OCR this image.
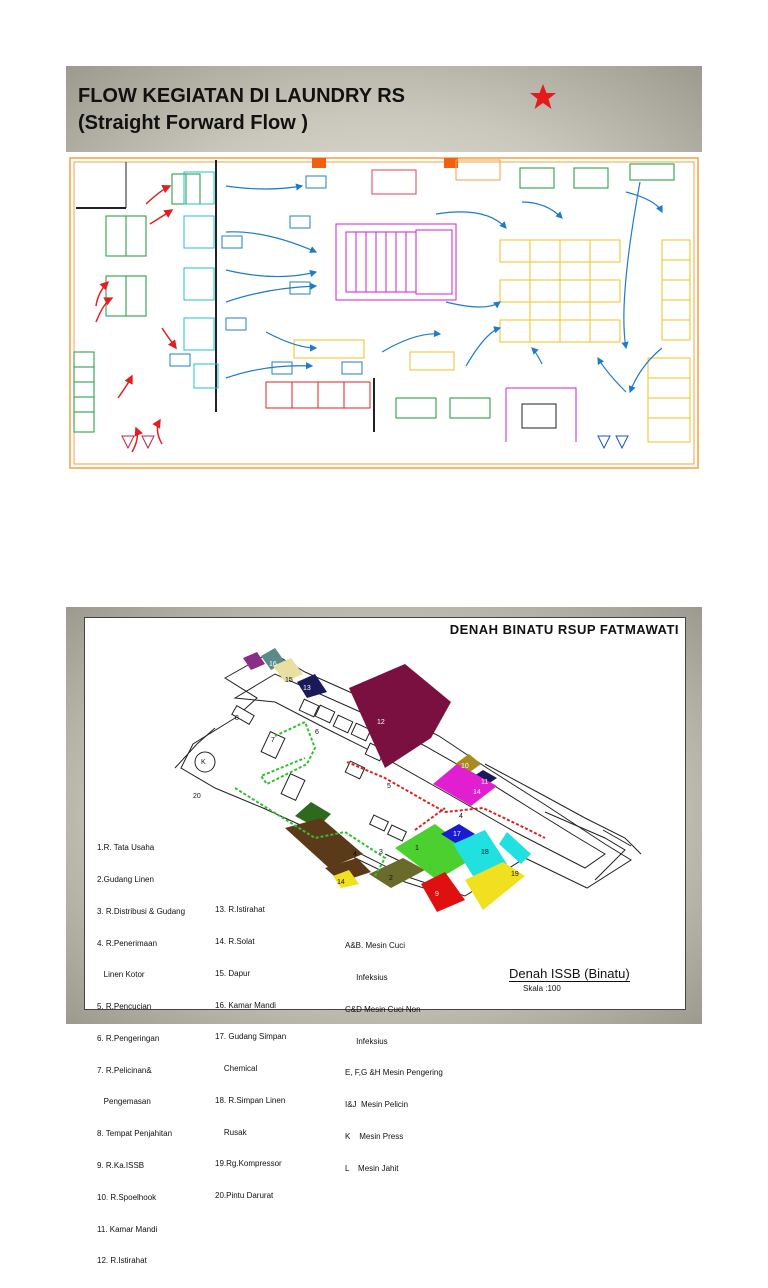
FLOW KEGIATAN DI LAUNDRY RS
(Straight Forward Flow )
DENAH BINATU RSUP FATMAWATI
16
15
13
12
10
11
14
8
7
6
5
17
18
4
1
3
9
4
2
9
19
14
20
K

1.R. Tata Usaha

2.Gudang Linen

3. R.Distribusi & Gudang

4. R.Penerimaan

Linen Kotor

5. R.Pencucian

6. R.Pengeringan

7. R.Pelicinan&

Pengemasan

8. Tempat Penjahitan

9. R.Ka.ISSB

10. R.Spoelhook

11. Kamar Mandi

12. R.Istirahat

13. R.Istirahat

14. R.Solat

15. Dapur

16. Kamar Mandi

17. Gudang Simpan

Chemical

18. R.Simpan Linen

Rusak

19.Rg.Kompressor

20.Pintu Darurat

A&B. Mesin Cuci

Infeksius

C&D Mesin Cuci Non

Infeksius

E, F,G &H Mesin Pengering

I&J  Mesin Pelicin

K    Mesin Press

L    Mesin Jahit

Denah ISSB (Binatu)
Skala :100
